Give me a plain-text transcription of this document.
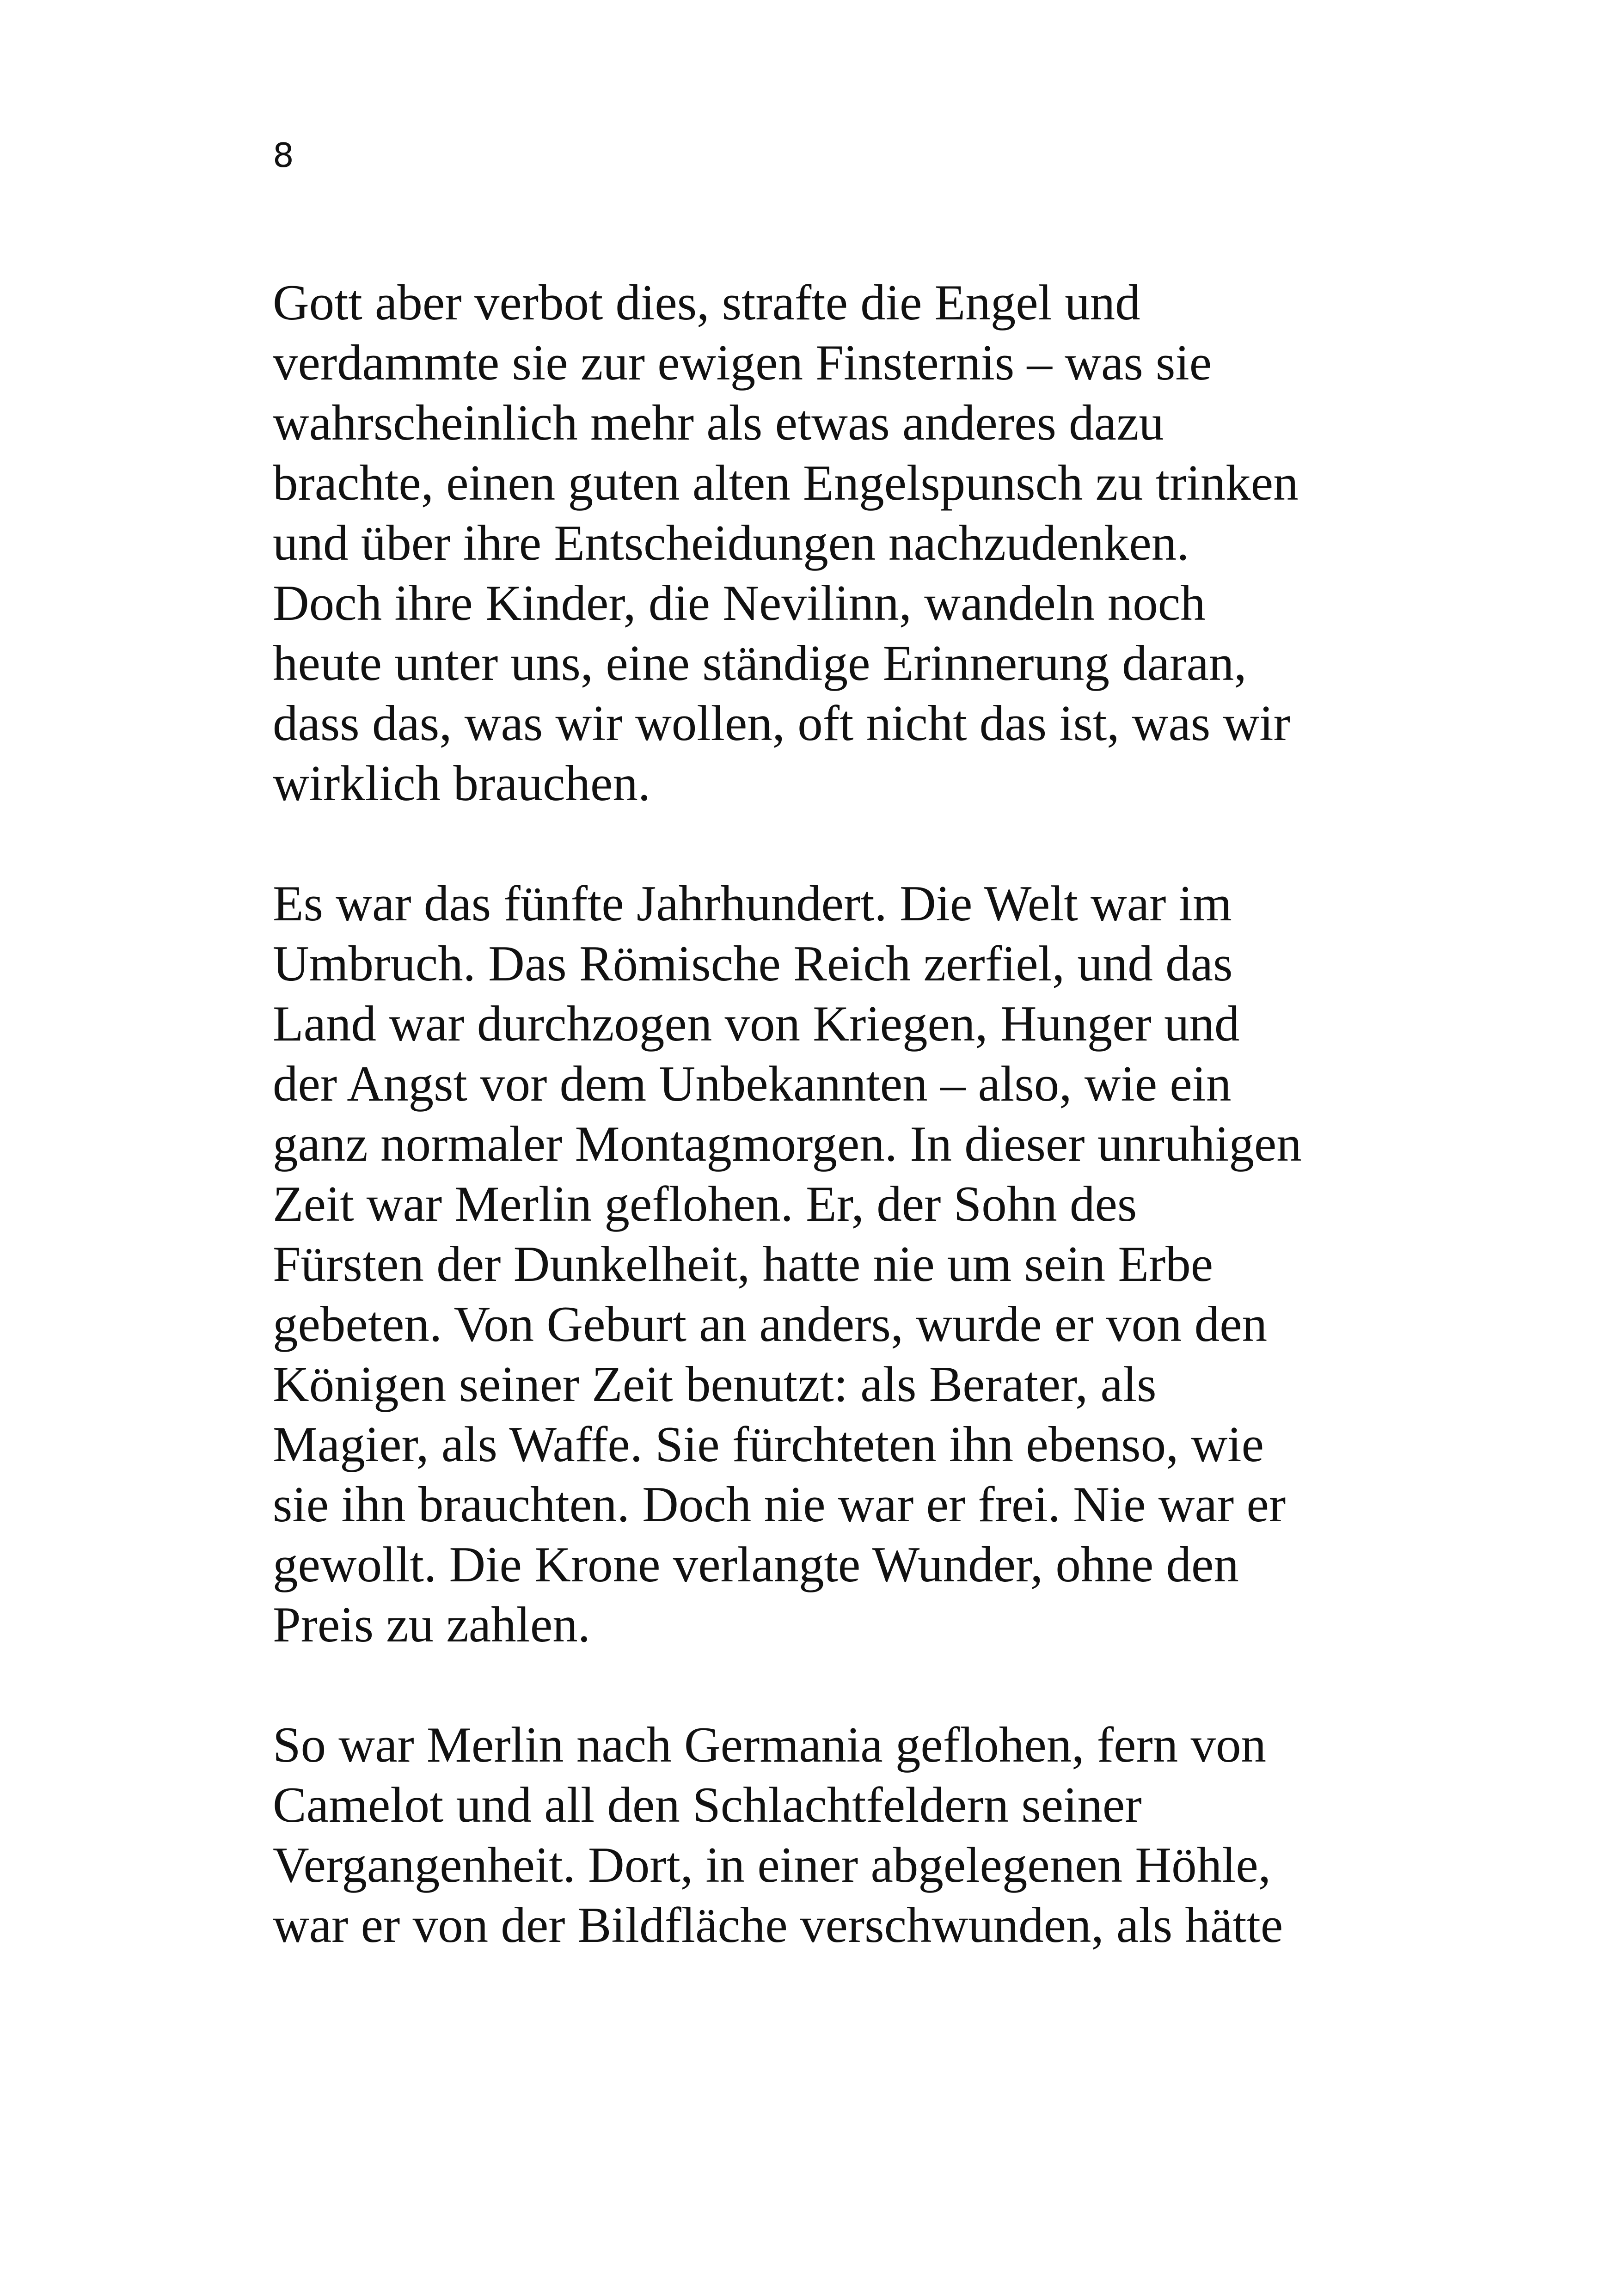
8
Gott aber verbot dies, strafte die Engel und
verdammte sie zur ewigen Finsternis – was sie
wahrscheinlich mehr als etwas anderes dazu
brachte, einen guten alten Engelspunsch zu trinken
und über ihre Entscheidungen nachzudenken.
Doch ihre Kinder, die Nevilinn, wandeln noch
heute unter uns, eine ständige Erinnerung daran,
dass das, was wir wollen, oft nicht das ist, was wir
wirklich brauchen.
Es war das fünfte Jahrhundert. Die Welt war im
Umbruch. Das Römische Reich zerfiel, und das
Land war durchzogen von Kriegen, Hunger und
der Angst vor dem Unbekannten – also, wie ein
ganz normaler Montagmorgen. In dieser unruhigen
Zeit war Merlin geflohen. Er, der Sohn des
Fürsten der Dunkelheit, hatte nie um sein Erbe
gebeten. Von Geburt an anders, wurde er von den
Königen seiner Zeit benutzt: als Berater, als
Magier, als Waffe. Sie fürchteten ihn ebenso, wie
sie ihn brauchten. Doch nie war er frei. Nie war er
gewollt. Die Krone verlangte Wunder, ohne den
Preis zu zahlen.
So war Merlin nach Germania geflohen, fern von
Camelot und all den Schlachtfeldern seiner
Vergangenheit. Dort, in einer abgelegenen Höhle,
war er von der Bildfläche verschwunden, als hätte
